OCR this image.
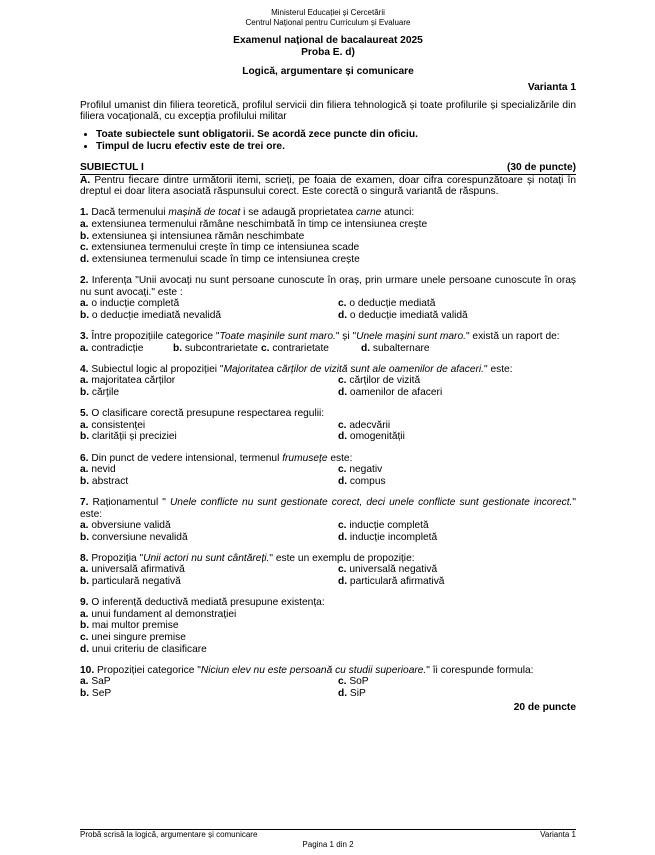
Ministerul Educației și Cercetării
Centrul Național pentru Curriculum și Evaluare
Examenul național de bacalaureat 2025
Proba E. d)
Logică, argumentare și comunicare
Varianta 1
Profilul umanist din filiera teoretică, profilul servicii din filiera tehnologică și toate profilurile și specializările din filiera vocațională, cu excepția profilului militar
• Toate subiectele sunt obligatorii. Se acordă zece puncte din oficiu.
• Timpul de lucru efectiv este de trei ore.
SUBIECTUL I	(30 de puncte)
A. Pentru fiecare dintre următorii itemi, scrieți, pe foaia de examen, doar cifra corespunzătoare și notați în dreptul ei doar litera asociată răspunsului corect. Este corectă o singură variantă de răspuns.
1. Dacă termenului mașină de tocat i se adaugă proprietatea carne atunci:
a. extensiunea termenului rămâne neschimbată în timp ce intensiunea crește
b. extensiunea și intensiunea rămân neschimbate
c. extensiunea termenului crește în timp ce intensiunea scade
d. extensiunea termenului scade în timp ce intensiunea crește
2. Inferența "Unii avocați nu sunt persoane cunoscute în oraș, prin urmare unele persoane cunoscute în oraș nu sunt avocați." este :
a. o inducție completă	c. o deducție mediată
b. o deducție imediată nevalidă	d. o deducție imediată validă
3. Între propozițiile categorice "Toate mașinile sunt maro." și "Unele mașini sunt maro." există un raport de:
a. contradicție	b. subcontrarietate c. contrarietate	d. subalternare
4. Subiectul logic al propoziției "Majoritatea cărților de vizită sunt ale oamenilor de afaceri." este:
a. majoritatea cărților	c. cărților de vizită
b. cărțile	d. oamenilor de afaceri
5. O clasificare corectă presupune respectarea regulii:
a. consistenței	c. adecvării
b. clarității și preciziei	d. omogenității
6. Din punct de vedere intensional, termenul frumusețe este:
a. nevid	c. negativ
b. abstract	d. compus
7. Raționamentul " Unele conflicte nu sunt gestionate corect, deci unele conflicte sunt gestionate incorect." este:
a. obversiune validă	c. inducție completă
b. conversiune nevalidă	d. inducție incompletă
8. Propoziția "Unii actori nu sunt cântăreți." este un exemplu de propoziție:
a. universală afirmativă	c. universală negativă
b. particulară negativă	d. particulară afirmativă
9. O inferență deductivă mediată presupune existența:
a. unui fundament al demonstrației
b. mai multor premise
c. unei singure premise
d. unui criteriu de clasificare
10. Propoziției categorice "Niciun elev nu este persoană cu studii superioare." îi corespunde formula:
a. SaP	c. SoP
b. SeP	d. SiP
20 de puncte
Probă scrisă la logică, argumentare și comunicare	Varianta 1
Pagina 1 din 2
